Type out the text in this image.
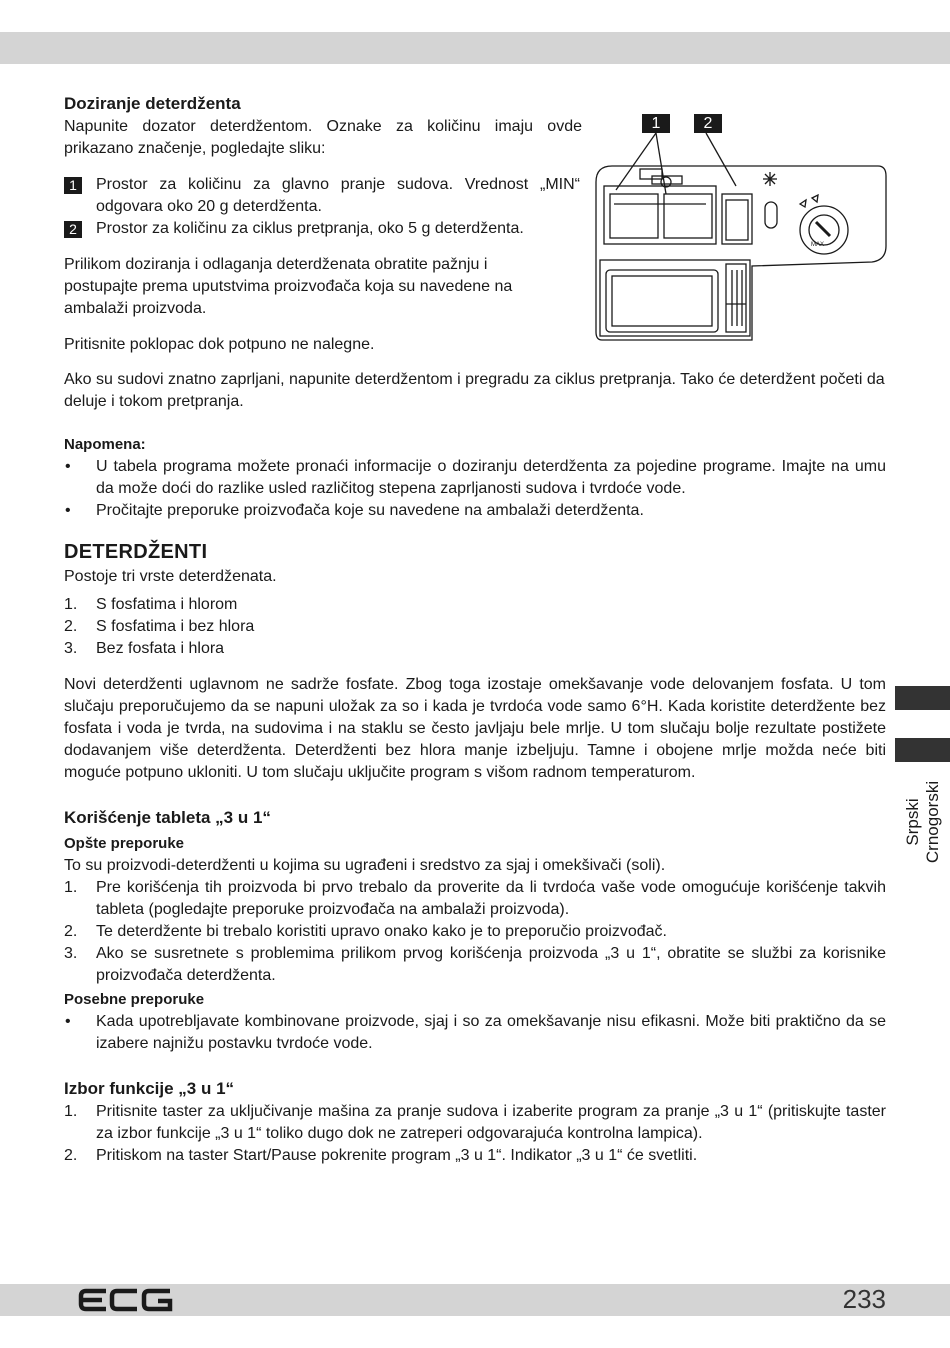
1	2
MAX
Doziranje deterdženta

Napunite dozator deterdžentom. Oznake za količinu imaju ovde prikazano značenje, pogledajte sliku:

1	Prostor za količinu za glavno pranje sudova. Vrednost „MIN“ odgovara oko 20 g deterdženta.
2	Prostor za količinu za ciklus pretpranja, oko 5 g deterdženta.

Prilikom doziranja i odlaganja deterdženata obratite pažnju i postupajte prema uputstvima proizvođača koja su navedene na ambalaži proizvoda.

Pritisnite poklopac dok potpuno ne nalegne.

Ako su sudovi znatno zaprljani, napunite deterdžentom i pregradu za ciklus pretpranja. Tako će deterdžent početi da deluje i tokom pretpranja.

Napomena:
•	U tabela programa možete pronaći informacije o doziranju deterdženta za pojedine programe. Imajte na umu da može doći do razlike usled različitog stepena zaprljanosti sudova i tvrdoće vode.
•	Pročitajte preporuke proizvođača koje su navedene na ambalaži deterdženta.
DETERDŽENTI

Postoje tri vrste deterdženata.

1.	S fosfatima i hlorom
2.	S fosfatima i bez hlora
3.	Bez fosfata i hlora

Novi deterdženti uglavnom ne sadrže fosfate. Zbog toga izostaje omekšavanje vode delovanjem fosfata. U tom slučaju preporučujemo da se napuni uložak za so i kada je tvrdoća vode samo 6°H. Kada koristite deterdžente bez fosfata i voda je tvrda, na sudovima i na staklu se često javljaju bele mrlje. U tom slučaju bolje rezultate postižete dodavanjem više deterdženta. Deterdženti bez hlora manje izbeljuju. Tamne i obojene mrlje možda neće biti moguće potpuno ukloniti. U tom slučaju uključite program s višom radnom temperaturom.

Korišćenje tableta „3 u 1“
Opšte preporuke

To su proizvodi-deterdženti u kojima su ugrađeni i sredstvo za sjaj i omekšivači (soli).

1.	Pre korišćenja tih proizvoda bi prvo trebalo da proverite da li tvrdoća vaše vode omogućuje korišćenje takvih tableta (pogledajte preporuke proizvođača na ambalaži proizvoda).
2.	Te deterdžente bi trebalo koristiti upravo onako kako je to preporučio proizvođač.
3.	Ako se susretnete s problemima prilikom prvog korišćenja proizvoda „3 u 1“, obratite se službi za korisnike proizvođača deterdženta.
Posebne preporuke
•	Kada upotrebljavate kombinovane proizvode, sjaj i so za omekšavanje nisu efikasni. Može biti praktično da se izabere najnižu postavku tvrdoće vode.
Izbor funkcije „3 u 1“
1.	Pritisnite taster za uključivanje mašina za pranje sudova i izaberite program za pranje „3 u 1“ (pritiskujte taster za izbor funkcije „3 u 1“ toliko dugo dok ne zatreperi odgovarajuća kontrolna lampica).
2.	Pritiskom na taster Start/Pause pokrenite program „3 u 1“. Indikator „3 u 1“ će svetliti.
Srpski Crnogorski
233
